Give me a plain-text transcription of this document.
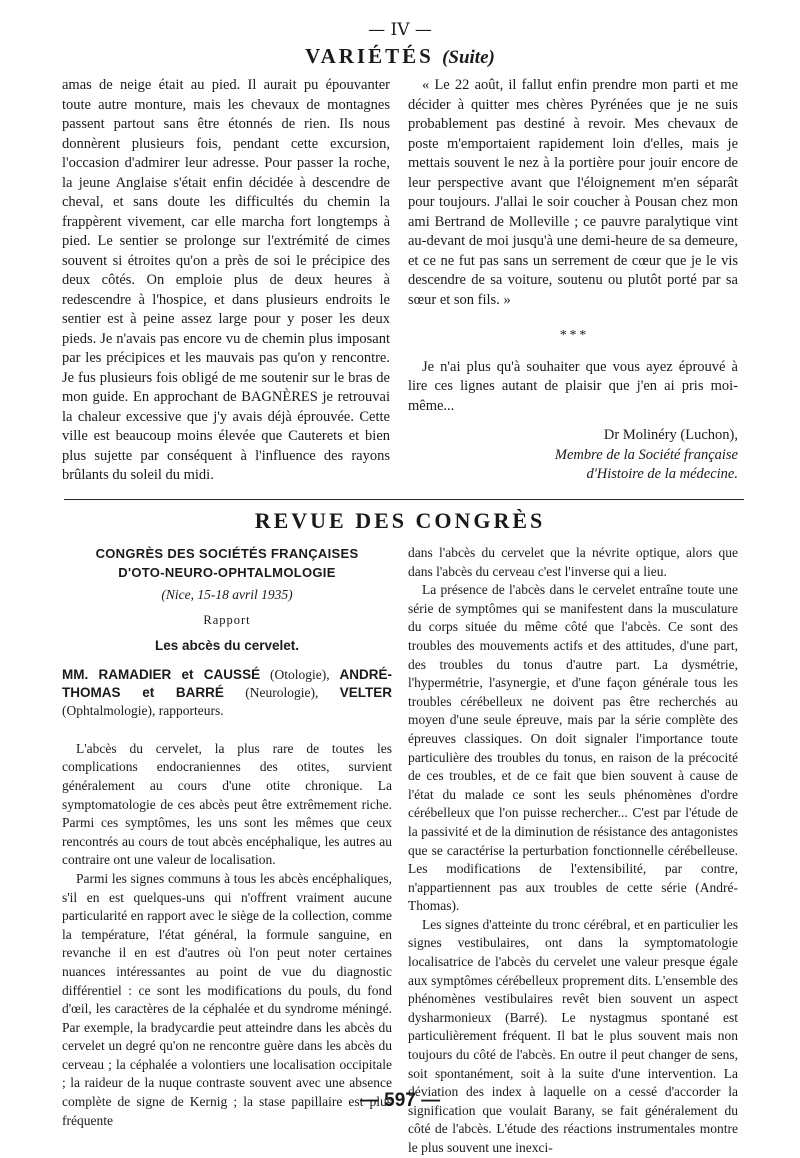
— IV —
VARIÉTÉS (Suite)

amas de neige était au pied. Il aurait pu épouvanter toute autre monture, mais les chevaux de montagnes passent partout sans être étonnés de rien. Ils nous donnèrent plusieurs fois, pendant cette excursion, l'occasion d'admirer leur adresse. Pour passer la roche, la jeune Anglaise s'était enfin décidée à descendre de cheval, et sans doute les difficultés du chemin la frappèrent vivement, car elle marcha fort longtemps à pied. Le sentier se prolonge sur l'extrémité de cimes souvent si étroites qu'on a près de soi le précipice des deux côtés. On emploie plus de deux heures à redescendre à l'hospice, et dans plusieurs endroits le sentier est à peine assez large pour y poser les deux pieds. Je n'avais pas encore vu de chemin plus imposant par les précipices et les mauvais pas qu'on y rencontre. Je fus plusieurs fois obligé de me soutenir sur le bras de mon guide. En approchant de BAGNÈRES je retrouvai la chaleur excessive que j'y avais déjà éprouvée. Cette ville est beaucoup moins élevée que Cauterets et bien plus sujette par conséquent à l'influence des rayons brûlants du soleil du midi.

« Le 22 août, il fallut enfin prendre mon parti et me décider à quitter mes chères Pyrénées que je ne suis probablement pas destiné à revoir. Mes chevaux de poste m'emportaient rapidement loin d'elles, mais je mettais souvent le nez à la portière pour jouir encore de leur perspective avant que l'éloignement m'en séparât pour toujours. J'allai le soir coucher à Pousan chez mon ami Bertrand de Molleville ; ce pauvre paralytique vint au-devant de moi jusqu'à une demi-heure de sa demeure, et ce ne fut pas sans un serrement de cœur que je le vis descendre de sa voiture, soutenu ou plutôt porté par sa sœur et son fils. »

* * *

Je n'ai plus qu'à souhaiter que vous ayez éprouvé à lire ces lignes autant de plaisir que j'en ai pris moi-même...

Dr Molinéry (Luchon),
Membre de la Société française
d'Histoire de la médecine.
REVUE DES CONGRÈS
CONGRÈS DES SOCIÉTÉS FRANÇAISES
D'OTO-NEURO-OPHTALMOLOGIE
(Nice, 15-18 avril 1935)
Rapport
Les abcès du cervelet.
MM. RAMADIER et CAUSSÉ (Otologie), ANDRÉ-THOMAS et BARRÉ (Neurologie), VELTER (Ophtalmologie), rapporteurs.

L'abcès du cervelet, la plus rare de toutes les complications endocraniennes des otites, survient généralement au cours d'une otite chronique. La symptomatologie de ces abcès peut être extrêmement riche. Parmi ces symptômes, les uns sont les mêmes que ceux rencontrés au cours de tout abcès encéphalique, les autres au contraire ont une valeur de localisation.

Parmi les signes communs à tous les abcès encéphaliques, s'il en est quelques-uns qui n'offrent vraiment aucune particularité en rapport avec le siège de la collection, comme la température, l'état général, la formule sanguine, en revanche il en est d'autres où l'on peut noter certaines nuances intéressantes au point de vue du diagnostic différentiel : ce sont les modifications du pouls, du fond d'œil, les caractères de la céphalée et du syndrome méningé. Par exemple, la bradycardie peut atteindre dans les abcès du cervelet un degré qu'on ne rencontre guère dans les abcès du cerveau ; la céphalée a volontiers une localisation occipitale ; la raideur de la nuque contraste souvent avec une absence complète de signe de Kernig ; la stase papillaire est plus fréquente

dans l'abcès du cervelet que la névrite optique, alors que dans l'abcès du cerveau c'est l'inverse qui a lieu.

La présence de l'abcès dans le cervelet entraîne toute une série de symptômes qui se manifestent dans la musculature du corps située du même côté que l'abcès. Ce sont des troubles des mouvements actifs et des attitudes, d'une part, des troubles du tonus d'autre part. La dysmétrie, l'hypermétrie, l'asynergie, et d'une façon générale tous les troubles cérébelleux ne doivent pas être recherchés au moyen d'une seule épreuve, mais par la série complète des épreuves classiques. On doit signaler l'importance toute particulière des troubles du tonus, en raison de la précocité de ces troubles, et de ce fait que bien souvent à cause de l'état du malade ce sont les seuls phénomènes d'ordre cérébelleux que l'on puisse rechercher... C'est par l'étude de la passivité et de la diminution de résistance des antagonistes que se caractérise la perturbation fonctionnelle cérébelleuse. Les modifications de l'extensibilité, par contre, n'appartiennent pas aux troubles de cette série (André-Thomas).

Les signes d'atteinte du tronc cérébral, et en particulier les signes vestibulaires, ont dans la symptomatologie localisatrice de l'abcès du cervelet une valeur presque égale aux symptômes cérébelleux proprement dits. L'ensemble des phénomènes vestibulaires revêt bien souvent un aspect dysharmonieux (Barré). Le nystagmus spontané est particulièrement fréquent. Il bat le plus souvent mais non toujours du côté de l'abcès. En outre il peut changer de sens, soit spontanément, soit à la suite d'une intervention. La déviation des index à laquelle on a cessé d'accorder la signification que voulait Barany, se fait généralement du côté de l'abcès. L'étude des réactions instrumentales montre le plus souvent une inexci-

— 597 —
